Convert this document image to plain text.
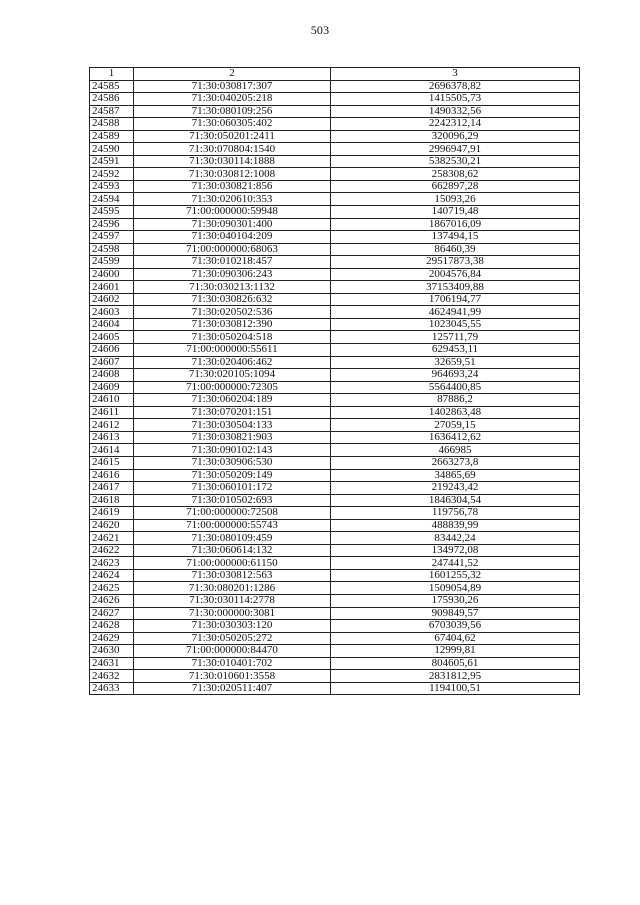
503
1	2	3
24585	71:30:030817:307	2696378,82
24586	71:30:040205:218	1415505,73
24587	71:30:080109:256	1490332,56
24588	71:30:060305:402	2242312,14
24589	71:30:050201:2411	320096,29
24590	71:30:070804:1540	2996947,91
24591	71:30:030114:1888	5382530,21
24592	71:30:030812:1008	258308,62
24593	71:30:030821:856	662897,28
24594	71:30:020610:353	15093,26
24595	71:00:000000:59948	140719,48
24596	71:30:090301:400	1867016,09
24597	71:30:040104:209	137494,15
24598	71:00:000000:68063	86460,39
24599	71:30:010218:457	29517873,38
24600	71:30:090306:243	2004576,84
24601	71:30:030213:1132	37153409,88
24602	71:30:030826:632	1706194,77
24603	71:30:020502:536	4624941,99
24604	71:30:030812:390	1023045,55
24605	71:30:050204:518	125711,79
24606	71:00:000000:55611	629453,11
24607	71:30:020406:462	32659,51
24608	71:30:020105:1094	964693,24
24609	71:00:000000:72305	5564400,85
24610	71:30:060204:189	87886,2
24611	71:30:070201:151	1402863,48
24612	71:30:030504:133	27059,15
24613	71:30:030821:903	1636412,62
24614	71:30:090102:143	466985
24615	71:30:030906:530	2663273,8
24616	71:30:050209:149	34865,69
24617	71:30:060101:172	219243,42
24618	71:30:010502:693	1846304,54
24619	71:00:000000:72508	119756,78
24620	71:00:000000:55743	488839,99
24621	71:30:080109:459	83442,24
24622	71:30:060614:132	134972,08
24623	71:00:000000:61150	247441,52
24624	71:30:030812:563	1601255,32
24625	71:30:080201:1286	1509054,89
24626	71:30:030114:2778	175930,26
24627	71:30:000000:3081	909849,57
24628	71:30:030303:120	6703039,56
24629	71:30:050205:272	67404,62
24630	71:00:000000:84470	12999,81
24631	71:30:010401:702	804605,61
24632	71:30:010601:3558	2831812,95
24633	71:30:020511:407	1194100,51
